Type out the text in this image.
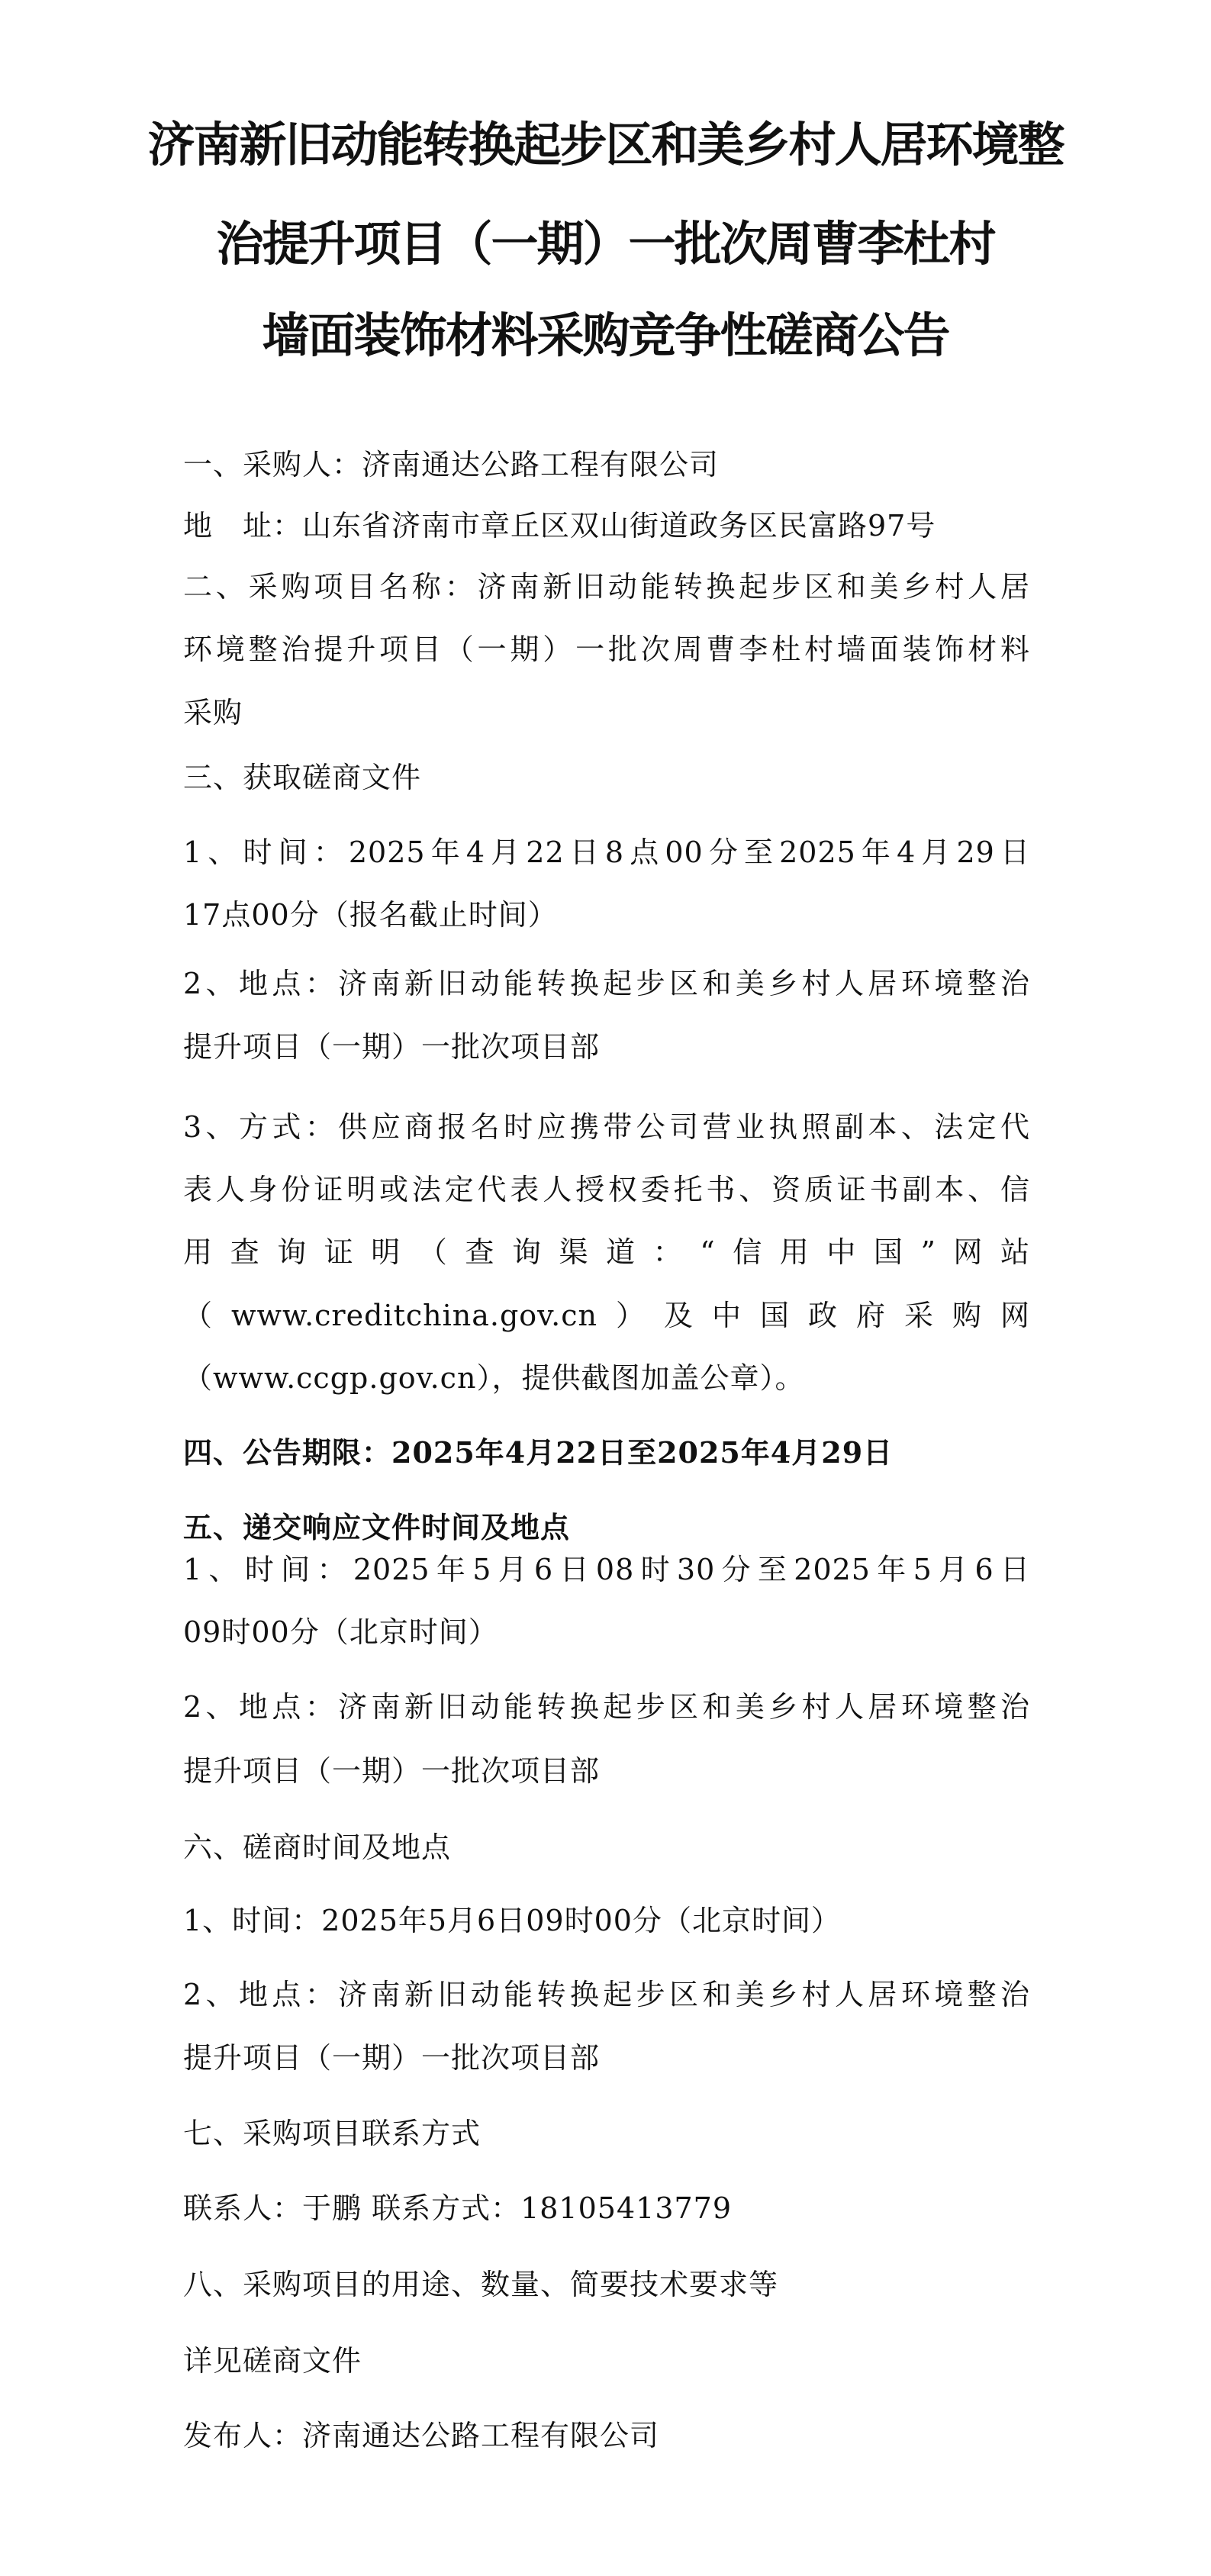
济南新旧动能转换起步区和美乡村人居环境整
治提升项目（一期）一批次周曹李杜村
墙面装饰材料采购竞争性磋商公告
一、采购人：济南通达公路工程有限公司
地　址：山东省济南市章丘区双山街道政务区民富路97号
二、采购项目名称：济南新旧动能转换起步区和美乡村人居
环境整治提升项目（一期）一批次周曹李杜村墙面装饰材料
采购
三、获取磋商文件
1、时间：2025年4月22日8点00分至2025年4月29日
17点00分（报名截止时间）
2、地点：济南新旧动能转换起步区和美乡村人居环境整治
提升项目（一期）一批次项目部
3、方式：供应商报名时应携带公司营业执照副本、法定代
表人身份证明或法定代表人授权委托书、资质证书副本、信
用查询证明（查询渠道：“信用中国”网站
（www.creditchina.gov.cn）及中国政府采购网
（www.ccgp.gov.cn），提供截图加盖公章）。
四、公告期限：2025年4月22日至2025年4月29日
五、递交响应文件时间及地点
1、时间：2025年5月6日08时30分至2025年5月6日
09时00分（北京时间）
2、地点：济南新旧动能转换起步区和美乡村人居环境整治
提升项目（一期）一批次项目部
六、磋商时间及地点
1、时间：2025年5月6日09时00分（北京时间）
2、地点：济南新旧动能转换起步区和美乡村人居环境整治
提升项目（一期）一批次项目部
七、采购项目联系方式
联系人：于鹏 联系方式：18105413779
八、采购项目的用途、数量、简要技术要求等
详见磋商文件
发布人：济南通达公路工程有限公司
